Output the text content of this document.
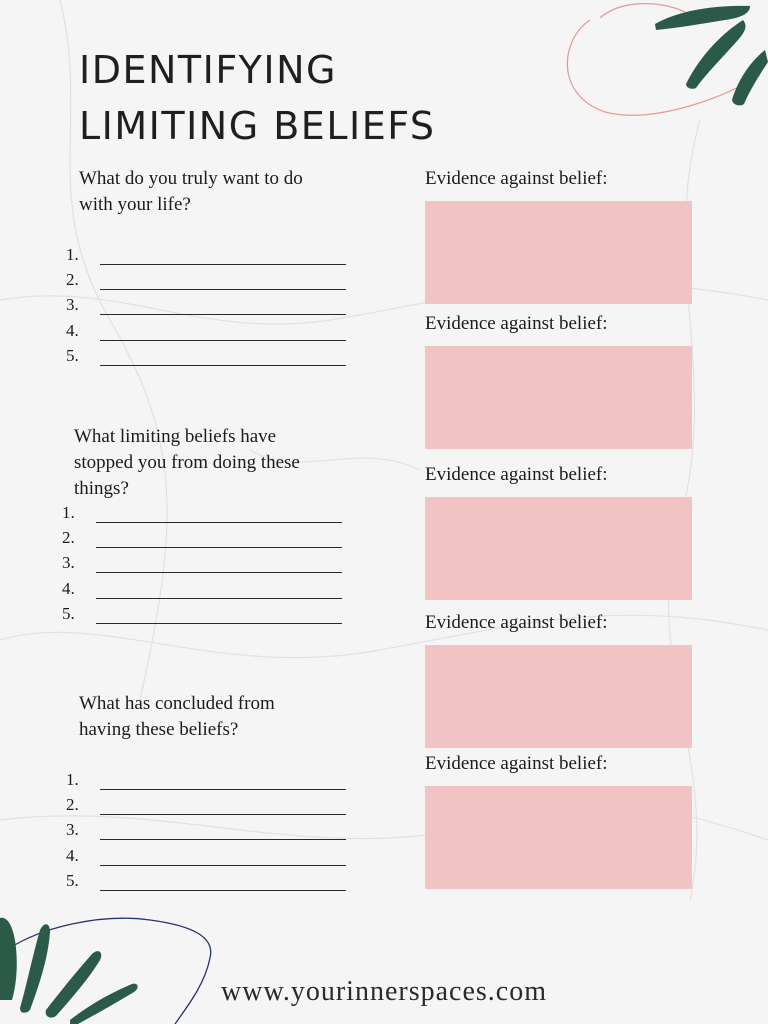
IDENTIFYING
LIMITING BELIEFS
What do you truly want to do
with your life?
1.
2.
3.
4.
5.
What limiting beliefs have
stopped you from doing these
things?
1.
2.
3.
4.
5.
What has concluded from
having these beliefs?
1.
2.
3.
4.
5.
Evidence against belief:
Evidence against belief:
Evidence against belief:
Evidence against belief:
Evidence against belief:
www.yourinnerspaces.com
